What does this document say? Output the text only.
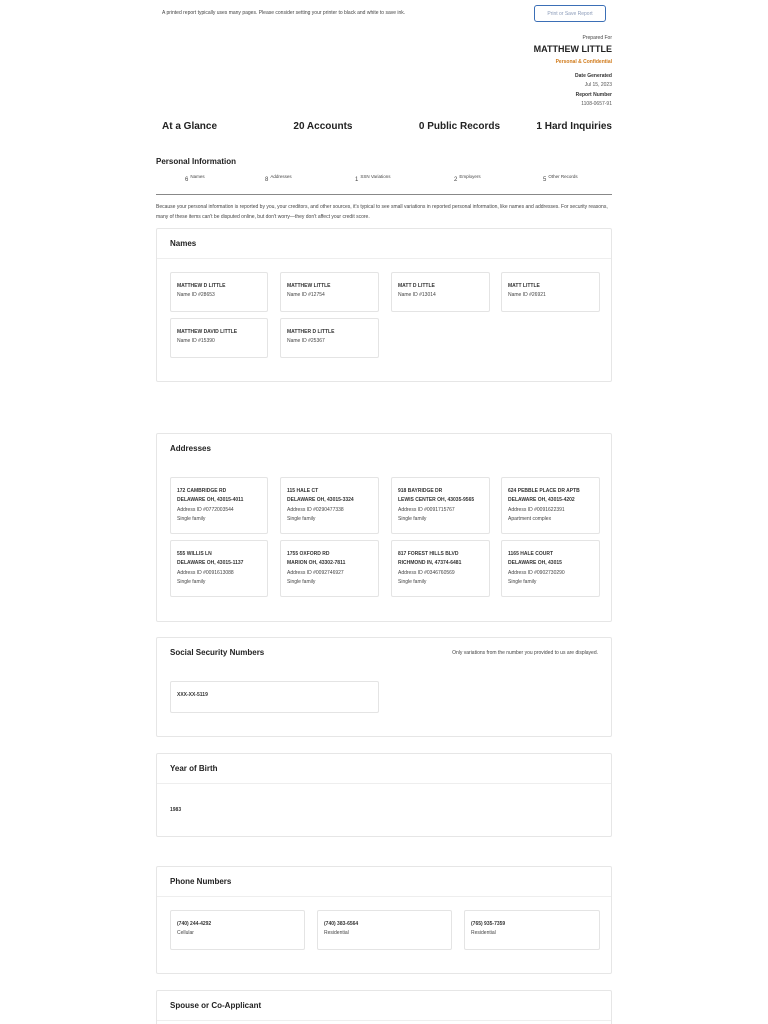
A printed report typically uses many pages. Please consider setting your printer to black and white to save ink.	Print or Save Report
Prepared For
MATTHEW LITTLE
Personal & Confidential
Date Generated
Jul 15, 2023
Report Number
1108-0657-91
At a Glance	20 Accounts	0 Public Records	1 Hard Inquiries
Personal Information
6Names
8Addresses
1SSN Variations
2Employers
5Other Records
Because your personal information is reported by you, your creditors, and other sources, it's typical to see small variations in reported personal information, like names and addresses. For security reasons, many of these items can't be disputed online, but don't worry—they don't affect your credit score.
Names
MATTHEW D LITTLE
Name ID #28653
MATTHEW LITTLE
Name ID #12754
MATT D LITTLE
Name ID #13014
MATT LITTLE
Name ID #26921
MATTHEW DAVID LITTLE
Name ID #15390
MATTHER D LITTLE
Name ID #25367
Addresses
172 CAMBRIDGE RD
DELAWARE OH, 43015-4011
Address ID #0772003544
Single family
115 HALE CT
DELAWARE OH, 43015-3324
Address ID #0290477338
Single family
918 BAYRIDGE DR
LEWIS CENTER OH, 43035-9565
Address ID #0091715767
Single family
624 PEBBLE PLACE DR APTB
DELAWARE OH, 43015-4202
Address ID #0091622391
Apartment complex
555 WILLIS LN
DELAWARE OH, 43015-1137
Address ID #0091613088
Single family
1755 OXFORD RD
MARION OH, 43302-7811
Address ID #0092746927
Single family
817 FOREST HILLS BLVD
RICHMOND IN, 47374-6481
Address ID #0346760569
Single family
1165 HALE COURT
DELAWARE OH, 43015
Address ID #0902730290
Single family
Social Security Numbers	Only variations from the number you provided to us are displayed.
XXX-XX-5119
Year of Birth
1983
Phone Numbers
(740) 244-4292
Cellular
(740) 383-6564
Residential
(765) 935-7359
Residential
Spouse or Co-Applicant
